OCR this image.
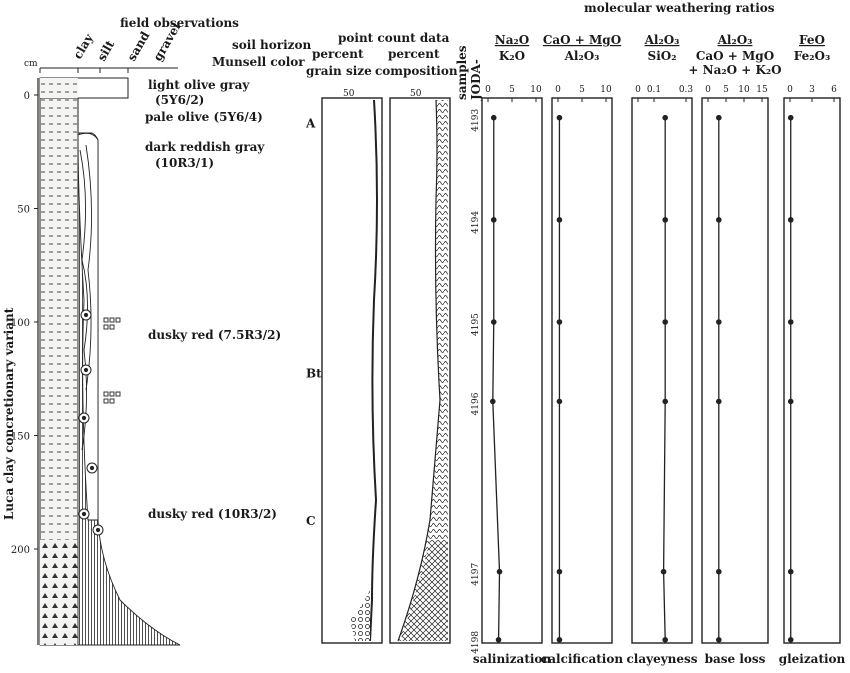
field observations
cm
clay
silt sand
gravel	soil horizon
Munsell color
0
50
100
150
200
light olive gray
(5Y6/2)
pale olive (5Y6/4)
dark reddish gray
(10R3/1)
dusky red (7.5R3/2)
dusky red (10R3/2)
Luca clay concretionary variant
A
Bt
C
point count data
percent percent
grain size composition
50	50	samples JODA-
4193
4194
4195
4196
4197
4198
molecular weathering ratios
Na₂O
K₂O
0 5 10
salinization
CaO + MgO
Al₂O₃
0 5 10
calcification
Al₂O₃
SiO₂
0 0.1 0.3
clayeyness
Al₂O₃
CaO + MgO
+ Na₂O + K₂O
0 5 10 15
base loss
FeO
Fe₂O₃
0 3 6
gleization
